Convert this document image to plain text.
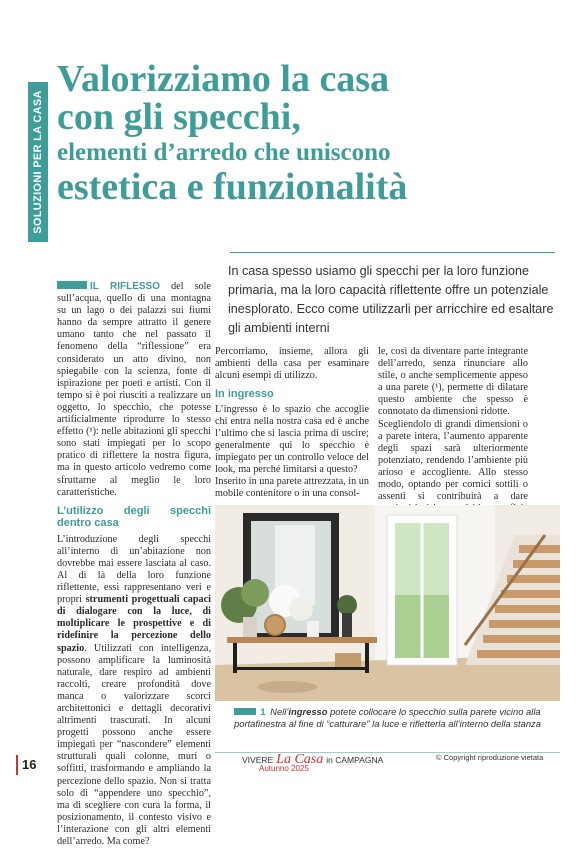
SOLUZIONI PER LA CASA
Valorizziamo la casa
con gli specchi,
elementi d’arredo che uniscono
estetica e funzionalità

In casa spesso usiamo gli specchi per la loro funzione primaria, ma la loro capacità riflettente offre un potenziale inesplorato. Ecco come utilizzarli per arricchire ed esaltare gli ambienti interni

IL RIFLESSO del sole sull’acqua, quello di una montagna su un lago o dei palazzi sui fiumi hanno da sempre attratto il genere umano tanto che nel passato il fenomeno della “riflessione” era considerato un atto divino, non spiegabile con la scienza, fonte di ispirazione per poeti e artisti. Con il tempo si è poi riusciti a realizzare un oggetto, lo specchio, che potesse artificialmente riprodurre lo stesso effetto (¹): nelle abitazioni gli specchi sono stati impiegati per lo scopo pratico di riflettere la nostra figura, ma in questo articolo vedremo come sfruttarne al meglio le loro caratteristiche.

L’utilizzo degli specchi dentro casa

L’introduzione degli specchi all’interno di un’abitazione non dovrebbe mai essere lasciata al caso. Al di là della loro funzione riflettente, essi rappresentano veri e propri strumenti progettuali capaci di dialogare con la luce, di moltiplicare le prospettive e di ridefinire la percezione dello spazio. Utilizzati con intelligenza, possono amplificare la luminosità naturale, dare respiro ad ambienti raccolti, creare profondità dove manca o valorizzare scorci architettonici e dettagli decorativi altrimenti trascurati. In alcuni progetti possono anche essere impiegati per “nascondere” elementi strutturali quali colonne, muri o soffitti, trasformando e ampliando la percezione dello spazio. Non si tratta solo di “appendere uno specchio”, ma di scegliere con cura la forma, il posizionamento, il contesto visivo e l’interazione con gli altri elementi dell’arredo. Ma come?

Percorriamo, insieme, allora gli ambienti della casa per esaminare alcuni esempi di utilizzo.

In ingresso

L’ingresso è lo spazio che accoglie chi entra nella nostra casa ed è anche l’ultimo che si lascia prima di uscire; generalmente qui lo specchio è impiegato per un controllo veloce del look, ma perché limitarsi a questo?

Inserito in una parete attrezzata, in un mobile contenitore o in una consol-

le, così da diventare parte integrante dell’arredo, senza rinunciare allo stile, o anche semplicemente appeso a una parete (¹), permette di dilatare questo ambiente che spesso è connotato da dimensioni ridotte.

Scegliendolo di grandi dimensioni o a parete intera, l’aumento apparente degli spazi sarà ulteriormente potenziato, rendendo l’ambiente più arioso e accogliente. Allo stesso modo, optando per cornici sottili o assenti si contribuirà a dare

1 Nell’ingresso potete collocare lo specchio sulla parete vicino alla portafinestra al fine di “catturare” la luce e rifletterla all’interno della stanza

16	VIVERE La Casa in CAMPAGNA
Autunno 2025
© Copyright riproduzione vietata
